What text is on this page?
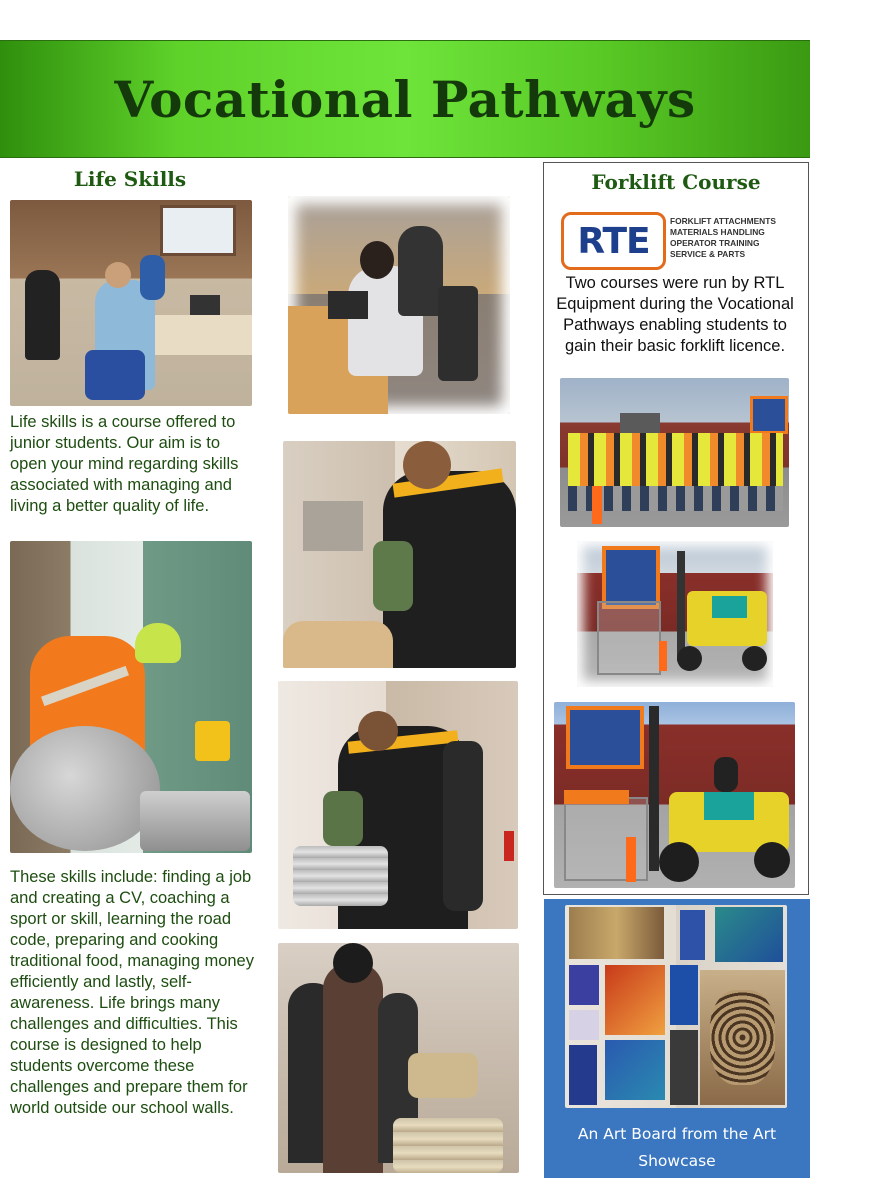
Vocational Pathways
Life Skills
Life skills is a course offered to junior students. Our aim is to open your mind regarding skills associated with managing and living a better quality of life.
These skills include: finding a job and creating a CV, coaching a sport or skill, learning the road code, preparing and cooking traditional food, managing money efficiently and lastly, self-awareness. Life brings many challenges and difficulties. This course is designed to help students overcome these challenges and prepare them for world outside our school walls.
Forklift Course
RTE FORKLIFT ATTACHMENTS
MATERIALS HANDLING
OPERATOR TRAINING
SERVICE & PARTS
Two courses were run by RTL Equipment during the Vocational Pathways enabling students to gain their basic forklift licence.
An Art Board from the Art Showcase
